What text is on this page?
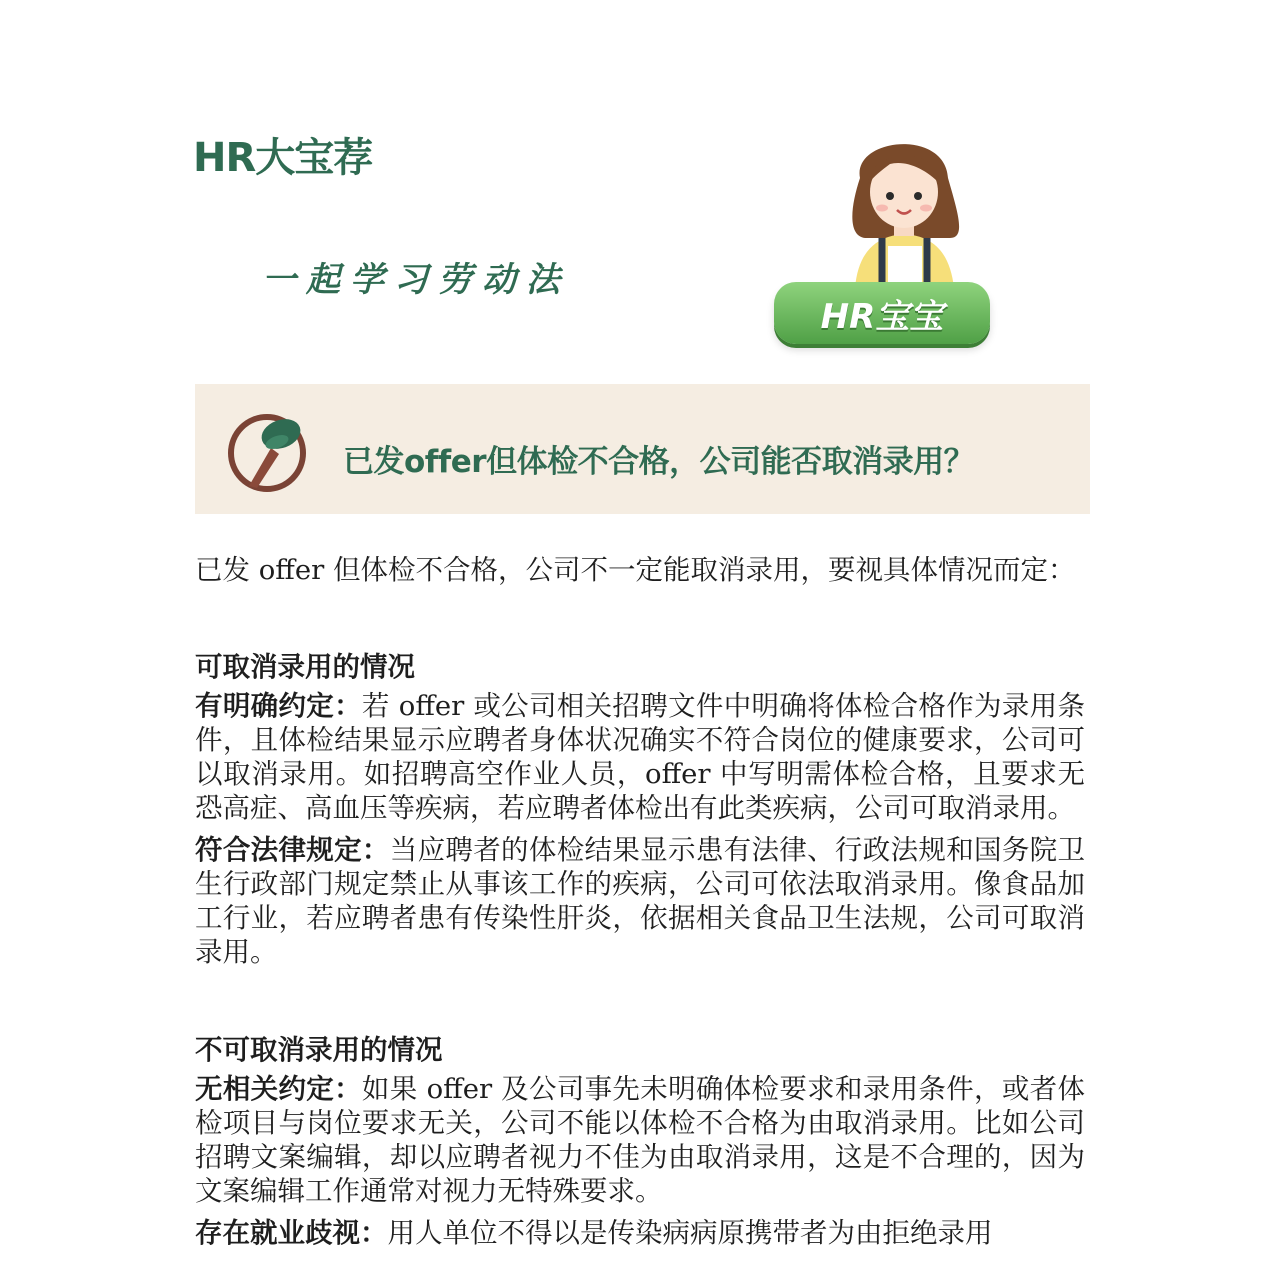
HR大宝荐
一起学习劳动法
HR宝宝
已发offer但体检不合格，公司能否取消录用？

已发 offer 但体检不合格，公司不一定能取消录用，要视具体情况而定：

可取消录用的情况

有明确约定：若 offer 或公司相关招聘文件中明确将体检合格作为录用条件，且体检结果显示应聘者身体状况确实不符合岗位的健康要求，公司可以取消录用。如招聘高空作业人员，offer 中写明需体检合格，且要求无恐高症、高血压等疾病，若应聘者体检出有此类疾病，公司可取消录用。

符合法律规定：当应聘者的体检结果显示患有法律、行政法规和国务院卫生行政部门规定禁止从事该工作的疾病，公司可依法取消录用。像食品加工行业，若应聘者患有传染性肝炎，依据相关食品卫生法规，公司可取消录用。

不可取消录用的情况

无相关约定：如果 offer 及公司事先未明确体检要求和录用条件，或者体检项目与岗位要求无关，公司不能以体检不合格为由取消录用。比如公司招聘文案编辑，却以应聘者视力不佳为由取消录用，这是不合理的，因为文案编辑工作通常对视力无特殊要求。

存在就业歧视：用人单位不得以是传染病病原携带者为由拒绝录用
